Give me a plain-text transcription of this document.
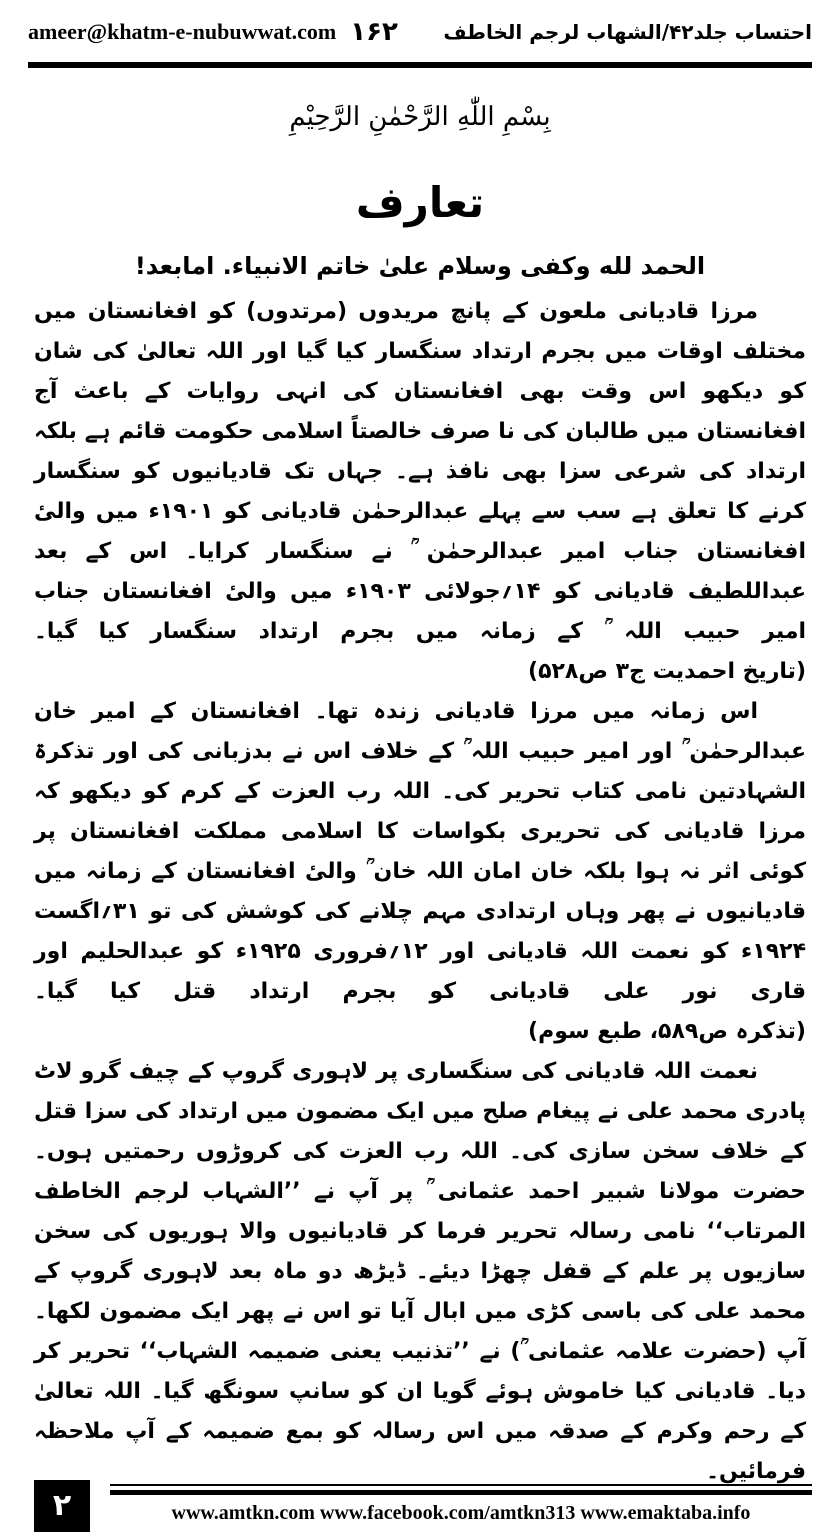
ameer@khatm-e-nubuwwat.com ۱۶۲ احتساب جلد۴۲/الشهاب لرجم الخاطف
بِسْمِ اللّٰهِ الرَّحْمٰنِ الرَّحِیْمِ
تعارف
الحمد لله وكفى وسلام علىٰ خاتم الانبياء. امابعد!

مرزا قادیانی ملعون کے پانچ مریدوں (مرتدوں) کو افغانستان میں مختلف اوقات میں بجرم ارتداد سنگسار کیا گیا اور اللہ تعالیٰ کی شان کو دیکھو اس وقت بھی افغانستان کی انہی روایات کے باعث آج افغانستان میں طالبان کی نا صرف خالصتاً اسلامی حکومت قائم ہے بلکہ ارتداد کی شرعی سزا بھی نافذ ہے۔ جہاں تک قادیانیوں کو سنگسار کرنے کا تعلق ہے سب سے پہلے عبدالرحمٰن قادیانی کو ۱۹۰۱ء میں والیٔ افغانستان جناب امیر عبدالرحمٰن ؒ نے سنگسار کرایا۔ اس کے بعد عبداللطیف قادیانی کو ۱۴؍جولائی ۱۹۰۳ء میں والیٔ افغانستان جناب امیر حبیب اللہ ؒ کے زمانہ میں بجرم ارتداد سنگسار کیا گیا۔ (تاریخ احمدیت ج۳ ص۵۲۸)

اس زمانہ میں مرزا قادیانی زندہ تھا۔ افغانستان کے امیر خان عبدالرحمٰن ؒ اور امیر حبیب اللہ ؒ کے خلاف اس نے بدزبانی کی اور تذکرۃ الشہادتین نامی کتاب تحریر کی۔ اللہ رب العزت کے کرم کو دیکھو کہ مرزا قادیانی کی تحریری بکواسات کا اسلامی مملکت افغانستان پر کوئی اثر نہ ہوا بلکہ خان امان اللہ خان ؒ والیٔ افغانستان کے زمانہ میں قادیانیوں نے پھر وہاں ارتدادی مہم چلانے کی کوشش کی تو ۳۱؍اگست ۱۹۲۴ء کو نعمت اللہ قادیانی اور ۱۲؍فروری ۱۹۲۵ء کو عبدالحلیم اور قاری نور علی قادیانی کو بجرم ارتداد قتل کیا گیا۔ (تذکرہ ص۵۸۹، طبع سوم)

نعمت اللہ قادیانی کی سنگساری پر لاہوری گروپ کے چیف گرو لاٹ پادری محمد علی نے پیغام صلح میں ایک مضمون میں ارتداد کی سزا قتل کے خلاف سخن سازی کی۔ اللہ رب العزت کی کروڑوں رحمتیں ہوں۔ حضرت مولانا شبیر احمد عثمانی ؒ پر آپ نے ’’الشہاب لرجم الخاطف المرتاب‘‘ نامی رسالہ تحریر فرما کر قادیانیوں والا ہوریوں کی سخن سازیوں پر علم کے قفل چھڑا دیئے۔ ڈیڑھ دو ماہ بعد لاہوری گروپ کے محمد علی کی باسی کڑی میں ابال آیا تو اس نے پھر ایک مضمون لکھا۔ آپ (حضرت علامہ عثمانی ؒ) نے ’’تذنیب یعنی ضمیمہ الشہاب‘‘ تحریر کر دیا۔ قادیانی کیا خاموش ہوئے گویا ان کو سانپ سونگھ گیا۔ اللہ تعالیٰ کے رحم وکرم کے صدقہ میں اس رسالہ کو بمع ضمیمہ کے آپ ملاحظہ فرمائیں۔

۲	www.amtkn.com www.facebook.com/amtkn313 www.emaktaba.info
